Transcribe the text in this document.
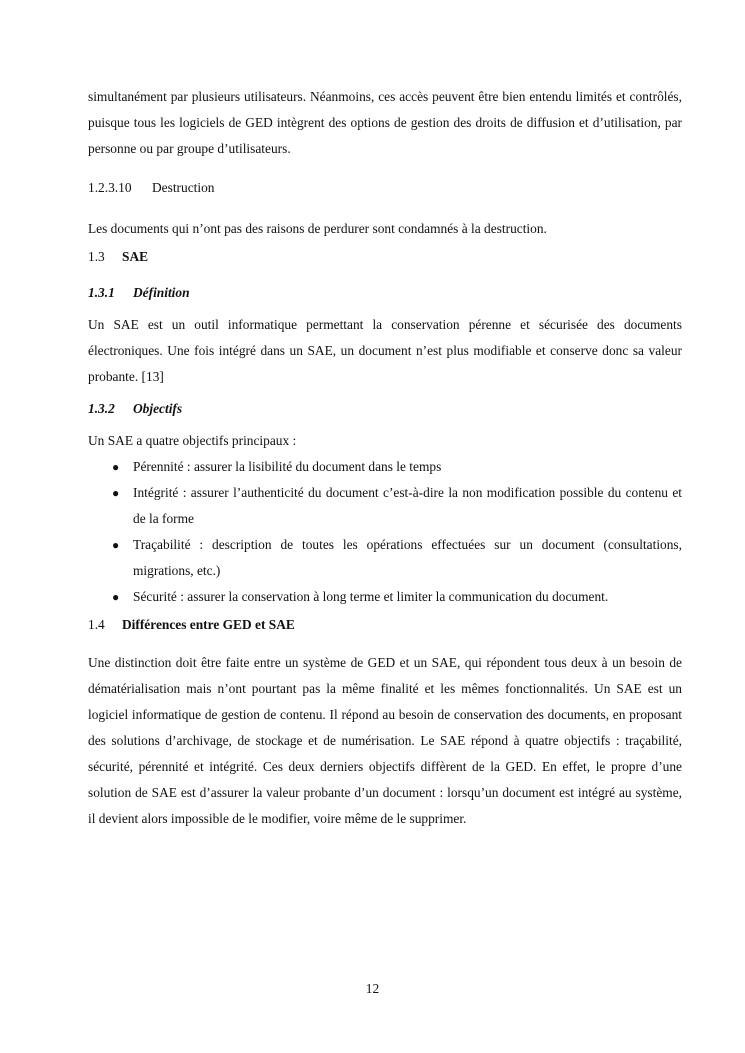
simultanément par plusieurs utilisateurs. Néanmoins, ces accès peuvent être bien entendu limités et contrôlés, puisque tous les logiciels de GED intègrent des options de gestion des droits de diffusion et d’utilisation, par personne ou par groupe d’utilisateurs.

1.2.3.10 Destruction

Les documents qui n’ont pas des raisons de perdurer sont condamnés à la destruction.

1.3 SAE
1.3.1 Définition

Un SAE est un outil informatique permettant la conservation pérenne et sécurisée des documents électroniques. Une fois intégré dans un SAE, un document n’est plus modifiable et conserve donc sa valeur probante. [13]

1.3.2 Objectifs

Un SAE a quatre objectifs principaux :

● Pérennité : assurer la lisibilité du document dans le temps
● Intégrité : assurer l’authenticité du document c’est-à-dire la non modification possible du contenu et de la forme
● Traçabilité : description de toutes les opérations effectuées sur un document (consultations, migrations, etc.)
● Sécurité : assurer la conservation à long terme et limiter la communication du document.
1.4 Différences entre GED et SAE

Une distinction doit être faite entre un système de GED et un SAE, qui répondent tous deux à un besoin de dématérialisation mais n’ont pourtant pas la même finalité et les mêmes fonctionnalités. Un SAE est un logiciel informatique de gestion de contenu. Il répond au besoin de conservation des documents, en proposant des solutions d’archivage, de stockage et de numérisation. Le SAE répond à quatre objectifs : traçabilité, sécurité, pérennité et intégrité. Ces deux derniers objectifs diffèrent de la GED. En effet, le propre d’une solution de SAE est d’assurer la valeur probante d’un document : lorsqu’un document est intégré au système, il devient alors impossible de le modifier, voire même de le supprimer.

12
